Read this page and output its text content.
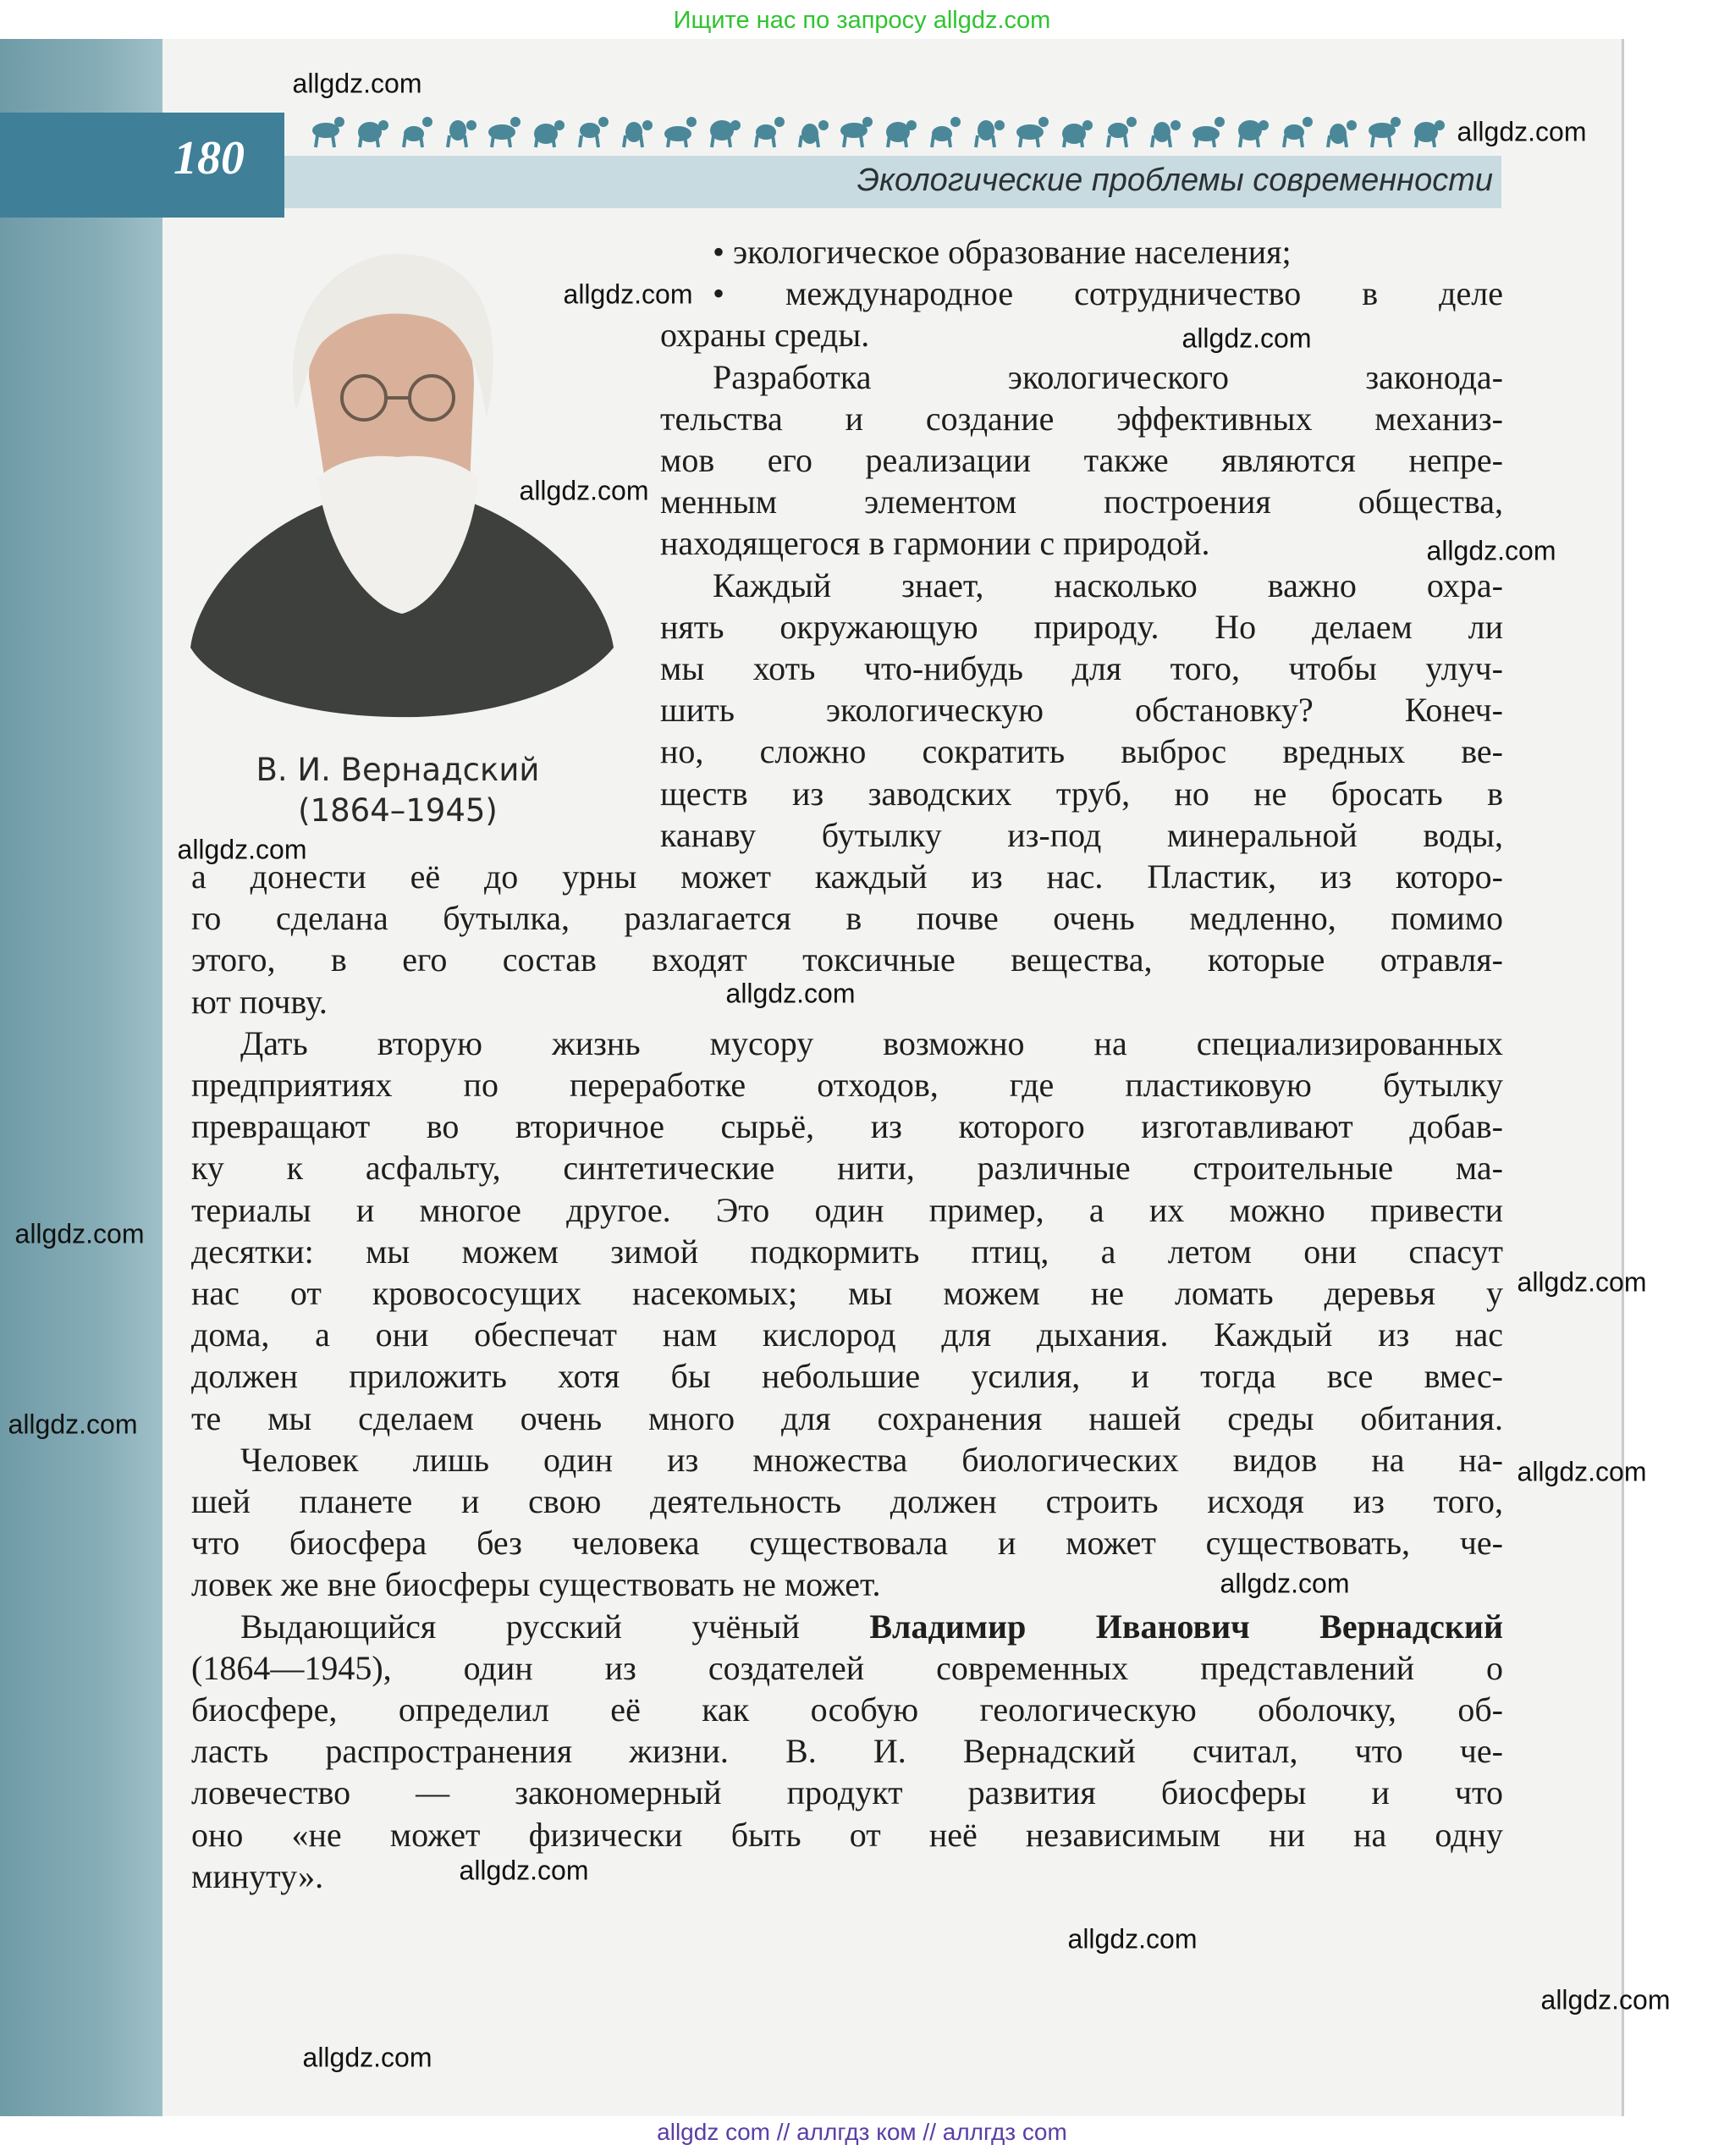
Ищите нас по запросу allgdz.com
180	Экологические проблемы современности
В. И. Вернадский
(1864–1945)
• экологическое образование населения;
• международное сотрудничество в деле
охраны среды.
Разработка экологического законода-
тельства и создание эффективных механиз-
мов его реализации также являются непре-
менным элементом построения общества,
находящегося в гармонии с природой.
Каждый знает, насколько важно охра-
нять окружающую природу. Но делаем ли
мы хоть что-нибудь для того, чтобы улуч-
шить экологическую обстановку? Конеч-
но, сложно сократить выброс вредных ве-
ществ из заводских труб, но не бросать в
канаву бутылку из-под минеральной воды,
а донести её до урны может каждый из нас. Пластик, из которо-
го сделана бутылка, разлагается в почве очень медленно, помимо
этого, в его состав входят токсичные вещества, которые отравля-
ют почву.
Дать вторую жизнь мусору возможно на специализированных
предприятиях по переработке отходов, где пластиковую бутылку
превращают во вторичное сырьё, из которого изготавливают добав-
ку к асфальту, синтетические нити, различные строительные ма-
териалы и многое другое. Это один пример, а их можно привести
десятки: мы можем зимой подкормить птиц, а летом они спасут
нас от кровососущих насекомых; мы можем не ломать деревья у
дома, а они обеспечат нам кислород для дыхания. Каждый из нас
должен приложить хотя бы небольшие усилия, и тогда все вмес-
те мы сделаем очень много для сохранения нашей среды обитания.
Человек лишь один из множества биологических видов на на-
шей планете и свою деятельность должен строить исходя из того,
что биосфера без человека существовала и может существовать, че-
ловек же вне биосферы существовать не может.
Выдающийся русский учёный Владимир Иванович Вернадский
(1864—1945), один из создателей современных представлений о
биосфере, определил её как особую геологическую оболочку, об-
ласть распространения жизни. В. И. Вернадский считал, что че-
ловечество — закономерный продукт развития биосферы и что
оно «не может физически быть от неё независимым ни на одну
минуту».
allgdz.com
allgdz.com
allgdz.com
allgdz.com
allgdz.com
allgdz.com
allgdz.com
allgdz.com
allgdz.com
allgdz.com
allgdz.com
allgdz.com
allgdz.com
allgdz.com
allgdz.com
allgdz.com
allgdz.com
allgdz com // аллгдз ком // аллгдз com
